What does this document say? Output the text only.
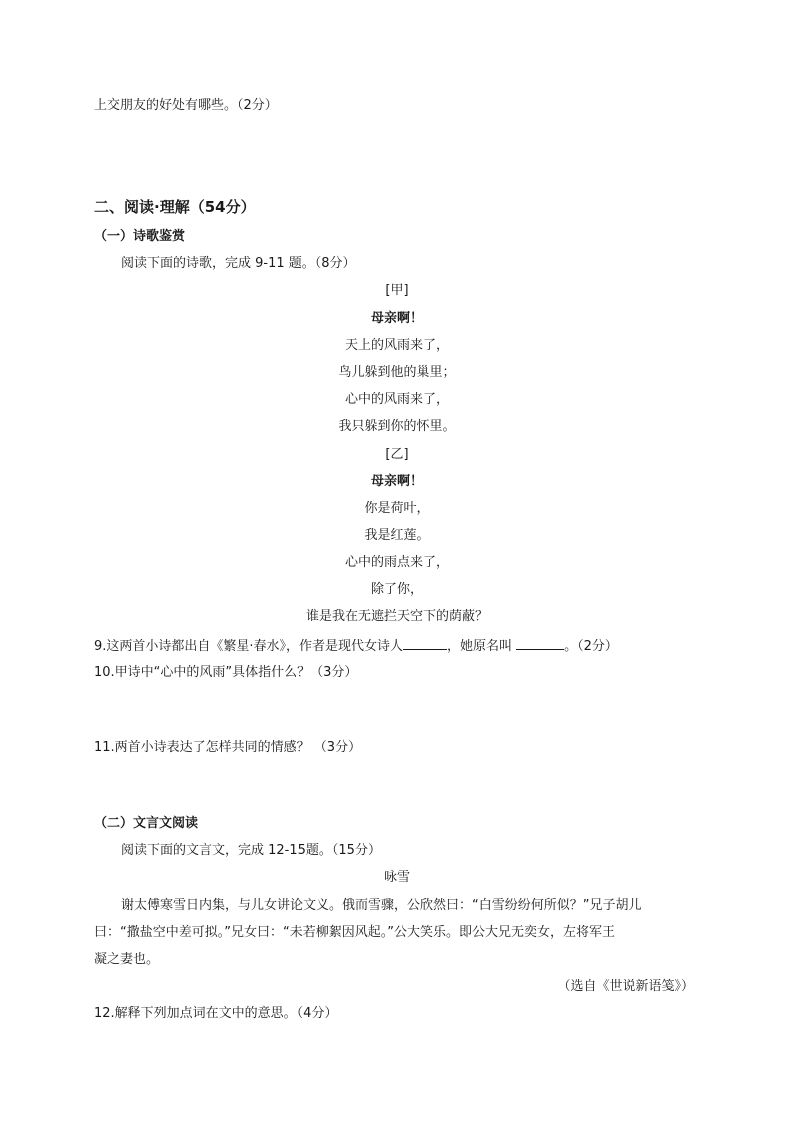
上交朋友的好处有哪些。（2分）
二、阅读·理解（54分）
（一）诗歌鉴赏
阅读下面的诗歌，完成 9-11 题。（8分）
[甲]
母亲啊！
天上的风雨来了，
鸟儿躲到他的巢里；
心中的风雨来了，
我只躲到你的怀里。
[乙]
母亲啊！
你是荷叶，
我是红莲。
心中的雨点来了，
除了你，
谁是我在无遮拦天空下的荫蔽？
9.这两首小诗都出自《繁星·春水》，作者是现代女诗人	，她原名叫	。（2分）
10.甲诗中“心中的风雨”具体指什么？（3分）
11.两首小诗表达了怎样共同的情感？ （3分）
（二）文言文阅读
阅读下面的文言文，完成 12-15题。（15分）
咏雪
谢太傅寒雪日内集，与儿女讲论文义。俄而雪骤，公欣然曰：“白雪纷纷何所似？”兄子胡儿
曰：“撒盐空中差可拟。”兄女曰：“未若柳絮因风起。”公大笑乐。即公大兄无奕女，左将军王
凝之妻也。
（选自《世说新语笺》）
12.解释下列加点词在文中的意思。（4分）
